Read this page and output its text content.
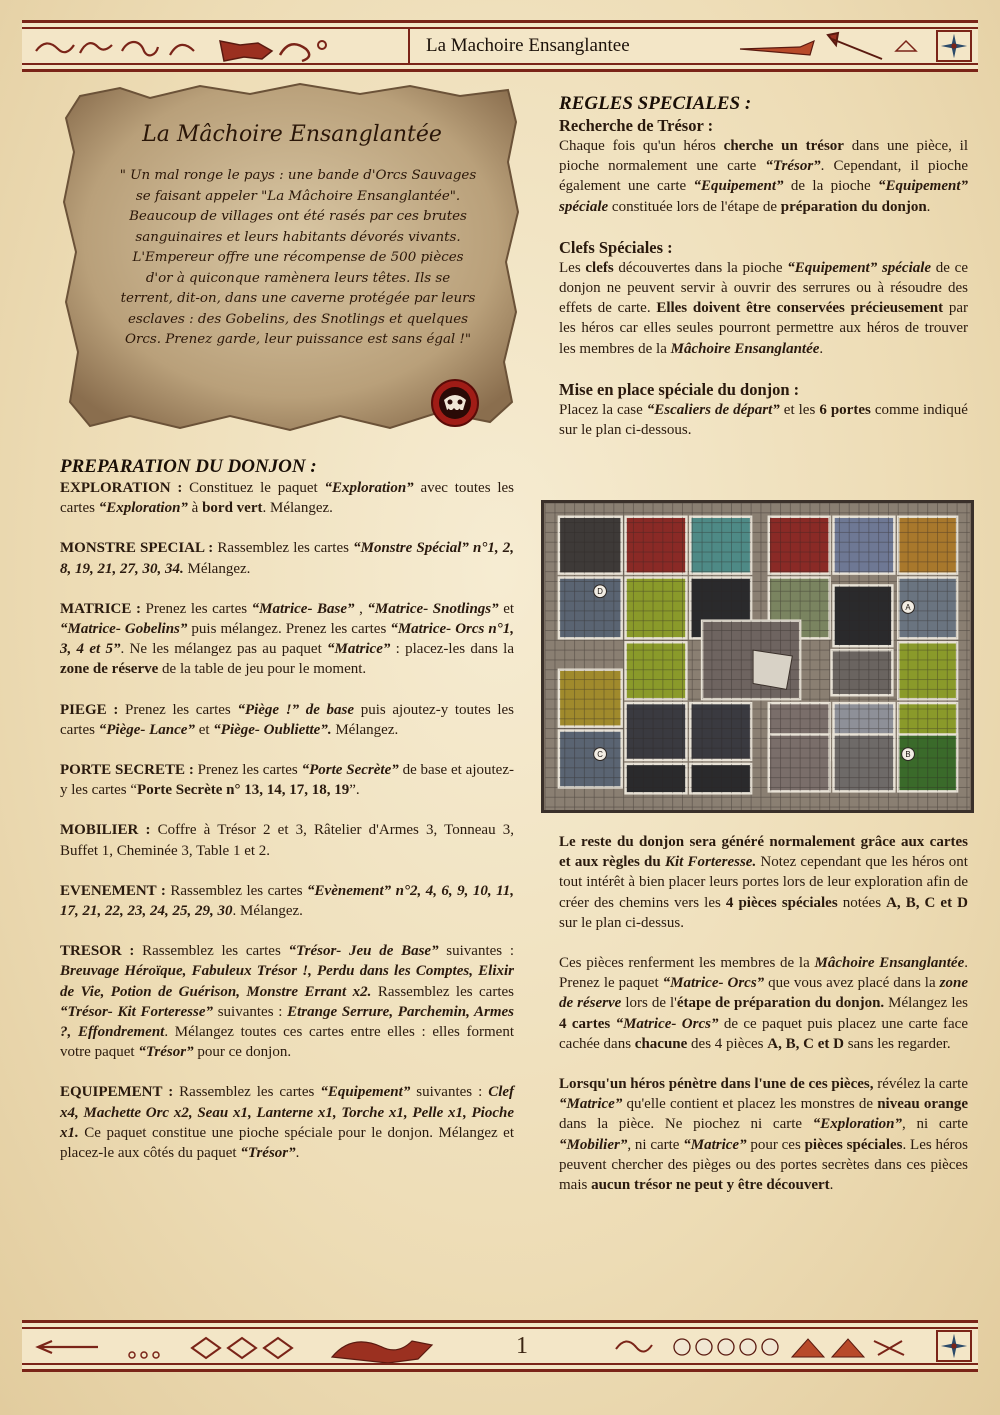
La Machoire Ensanglantee
La Mâchoire Ensanglantée
" Un mal ronge le pays : une bande d'Orcs Sauvages
se faisant appeler "La Mâchoire Ensanglantée".
Beaucoup de villages ont été rasés par ces brutes
sanguinaires et leurs habitants dévorés vivants.
L'Empereur offre une récompense de 500 pièces
d'or à quiconque ramènera leurs têtes. Ils se
terrent, dit-on, dans une caverne protégée par leurs
esclaves : des Gobelins, des Snotlings et quelques
Orcs. Prenez garde, leur puissance est sans égal !"
PREPARATION DU DONJON :
EXPLORATION : Constituez le paquet “Exploration” avec toutes les cartes “Exploration” à bord vert. Mélangez.
MONSTRE SPECIAL : Rassemblez les cartes “Monstre Spécial” n°1, 2, 8, 19, 21, 27, 30, 34. Mélangez.
MATRICE : Prenez les cartes “Matrice- Base” , “Matrice- Snotlings” et “Matrice- Gobelins” puis mélangez. Prenez les cartes “Matrice- Orcs n°1, 3, 4 et 5”. Ne les mélangez pas au paquet “Matrice” : placez-les dans la zone de réserve de la table de jeu pour le moment.
PIEGE : Prenez les cartes “Piège !” de base puis ajoutez-y toutes les cartes “Piège- Lance” et “Piège- Oubliette”. Mélangez.
PORTE SECRETE : Prenez les cartes “Porte Secrète” de base et ajoutez-y les cartes “Porte Secrète n° 13, 14, 17, 18, 19”.
MOBILIER : Coffre à Trésor 2 et 3, Râtelier d'Armes 3, Tonneau 3, Buffet 1, Cheminée 3, Table 1 et 2.
EVENEMENT : Rassemblez les cartes “Evènement” n°2, 4, 6, 9, 10, 11, 17, 21, 22, 23, 24, 25, 29, 30. Mélangez.
TRESOR : Rassemblez les cartes “Trésor- Jeu de Base” suivantes : Breuvage Héroïque, Fabuleux Trésor !, Perdu dans les Comptes, Elixir de Vie, Potion de Guérison, Monstre Errant x2. Rassemblez les cartes “Trésor- Kit Forteresse” suivantes : Etrange Serrure, Parchemin, Armes ?, Effondrement. Mélangez toutes ces cartes entre elles : elles forment votre paquet “Trésor” pour ce donjon.
EQUIPEMENT : Rassemblez les cartes “Equipement” suivantes : Clef x4, Machette Orc x2, Seau x1, Lanterne x1, Torche x1, Pelle x1, Pioche x1. Ce paquet constitue une pioche spéciale pour le donjon. Mélangez et placez-le aux côtés du paquet “Trésor”.
REGLES SPECIALES :
Recherche de Trésor :
Chaque fois qu'un héros cherche un trésor dans une pièce, il pioche normalement une carte “Trésor”. Cependant, il pioche également une carte “Equipement” de la pioche “Equipement” spéciale constituée lors de l'étape de préparation du donjon.
Clefs Spéciales :
Les clefs découvertes dans la pioche “Equipement” spéciale de ce donjon ne peuvent servir à ouvrir des serrures ou à résoudre des effets de carte. Elles doivent être conservées précieusement par les héros car elles seules pourront permettre aux héros de trouver les membres de la Mâchoire Ensanglantée.
Mise en place spéciale du donjon :
Placez la case “Escaliers de départ” et les 6 portes comme indiqué sur le plan ci-dessous.
A
B
C
D
Le reste du donjon sera généré normalement grâce aux cartes et aux règles du Kit Forteresse. Notez cependant que les héros ont tout intérêt à bien placer leurs portes lors de leur exploration afin de créer des chemins vers les 4 pièces spéciales notées A, B, C et D sur le plan ci-dessus.
Ces pièces renferment les membres de la Mâchoire Ensanglantée. Prenez le paquet “Matrice- Orcs” que vous avez placé dans la zone de réserve lors de l'étape de préparation du donjon. Mélangez les 4 cartes “Matrice- Orcs” de ce paquet puis placez une carte face cachée dans chacune des 4 pièces A, B, C et D sans les regarder.
Lorsqu'un héros pénètre dans l'une de ces pièces, révélez la carte “Matrice” qu'elle contient et placez les monstres de niveau orange dans la pièce. Ne piochez ni carte “Exploration”, ni carte “Mobilier”, ni carte “Matrice” pour ces pièces spéciales. Les héros peuvent chercher des pièges ou des portes secrètes dans ces pièces mais aucun trésor ne peut y être découvert.
1
